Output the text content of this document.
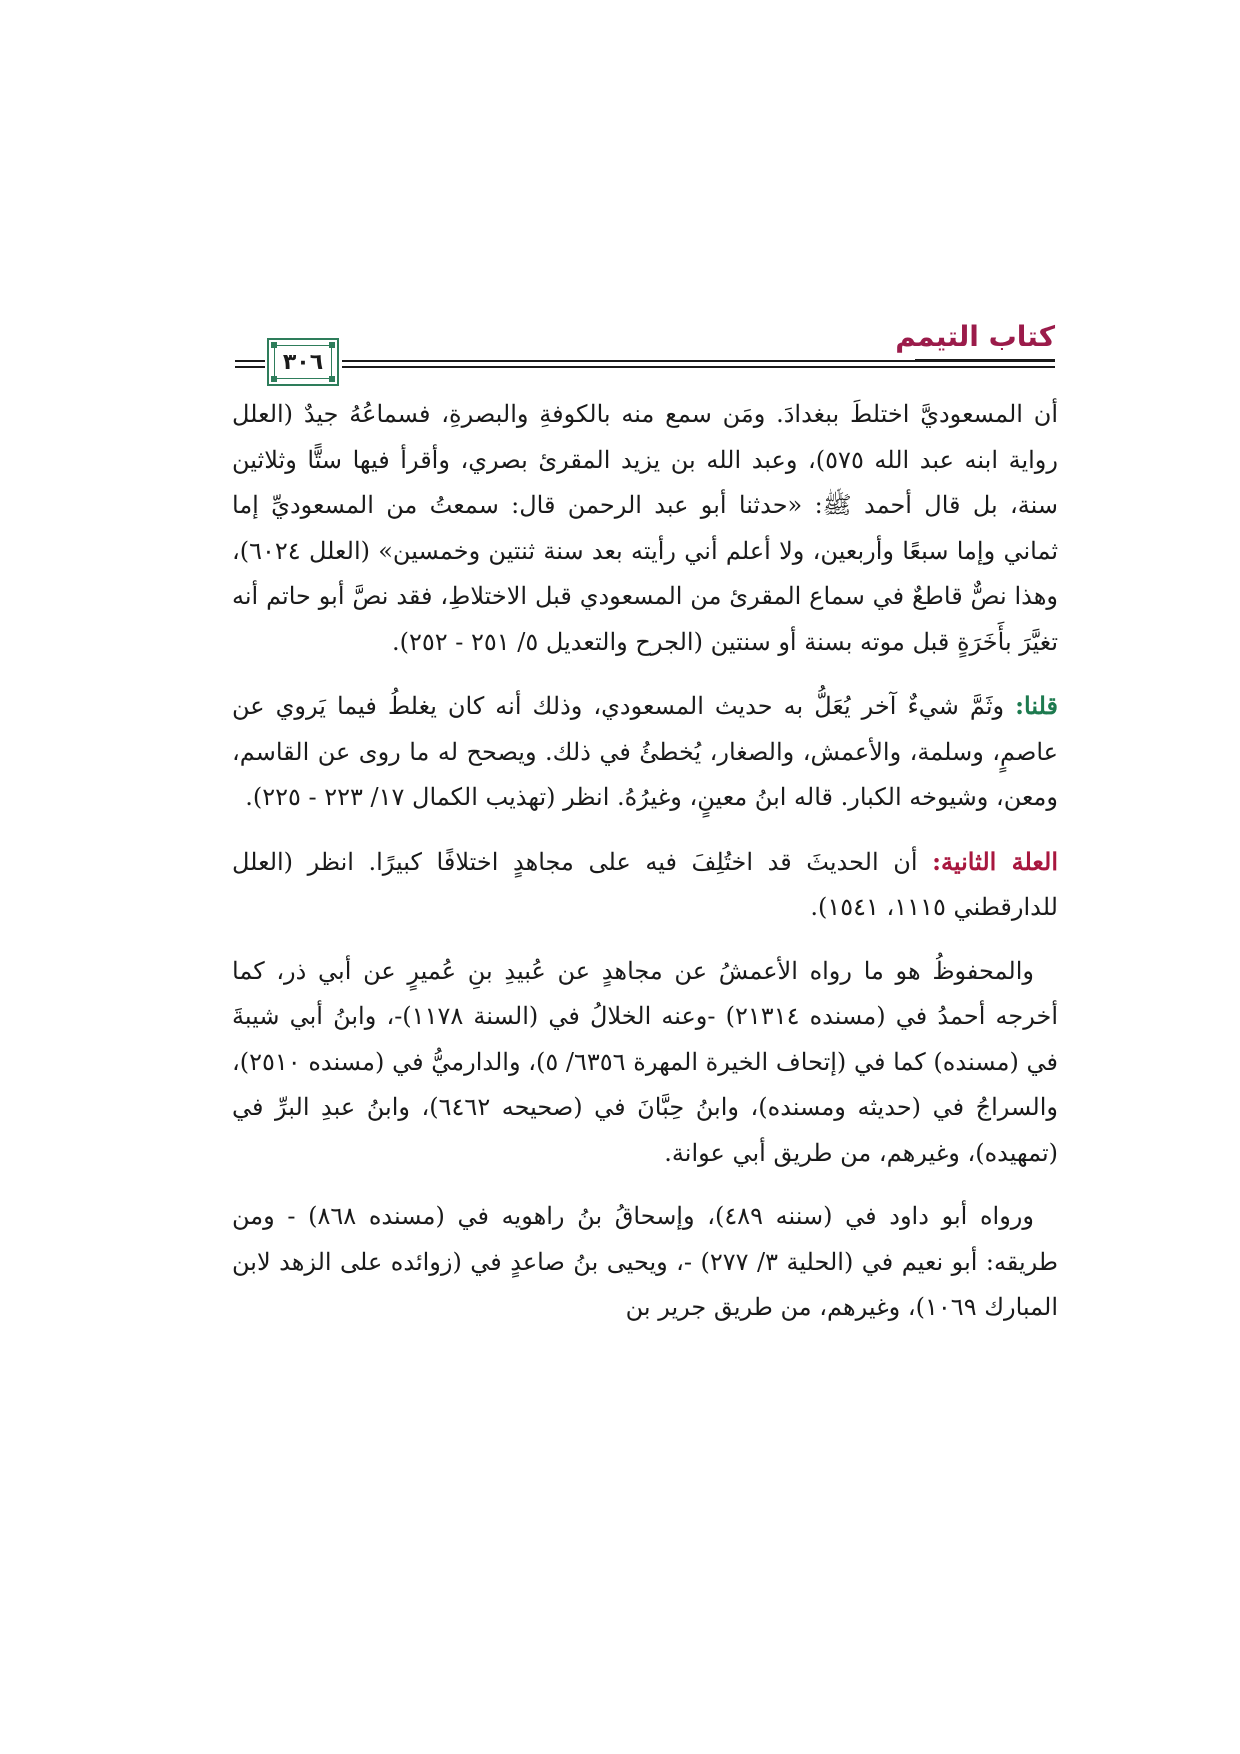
كتاب التيمم
٣٠٦

أن المسعوديَّ اختلطَ ببغدادَ. ومَن سمع منه بالكوفةِ والبصرةِ، فسماعُهُ جيدٌ (العلل رواية ابنه عبد الله ٥٧٥)، وعبد الله بن يزيد المقرئ بصري، وأقرأ فيها ستًّا وثلاثين سنة، بل قال أحمد ﷺ: «حدثنا أبو عبد الرحمن قال: سمعتُ من المسعوديِّ إما ثماني وإما سبعًا وأربعين، ولا أعلم أني رأيته بعد سنة ثنتين وخمسين» (العلل ٦٠٢٤)، وهذا نصٌّ قاطعٌ في سماع المقرئ من المسعودي قبل الاختلاطِ، فقد نصَّ أبو حاتم أنه تغيَّرَ بأَخَرَةٍ قبل موته بسنة أو سنتين (الجرح والتعديل ٥/ ٢٥١ - ٢٥٢).

قلنا: وثَمَّ شيءٌ آخر يُعَلُّ به حديث المسعودي، وذلك أنه كان يغلطُ فيما يَروي عن عاصمٍ، وسلمة، والأعمش، والصغار، يُخطئُ في ذلك. ويصحح له ما روى عن القاسم، ومعن، وشيوخه الكبار. قاله ابنُ معينٍ، وغيرُهُ. انظر (تهذيب الكمال ١٧/ ٢٢٣ - ٢٢٥).

العلة الثانية: أن الحديثَ قد اختُلِفَ فيه على مجاهدٍ اختلافًا كبيرًا. انظر (العلل للدارقطني ١١١٥، ١٥٤١).

والمحفوظُ هو ما رواه الأعمشُ عن مجاهدٍ عن عُبيدِ بنِ عُميرٍ عن أبي ذر، كما أخرجه أحمدُ في (مسنده ٢١٣١٤) -وعنه الخلالُ في (السنة ١١٧٨)-، وابنُ أبي شيبةَ في (مسنده) كما في (إتحاف الخيرة المهرة ٦٣٥٦/ ٥)، والدارميُّ في (مسنده ٢٥١٠)، والسراجُ في (حديثه ومسنده)، وابنُ حِبَّانَ في (صحيحه ٦٤٦٢)، وابنُ عبدِ البرِّ في (تمهيده)، وغيرهم، من طريق أبي عوانة.

ورواه أبو داود في (سننه ٤٨٩)، وإسحاقُ بنُ راهويه في (مسنده ٨٦٨) - ومن طريقه: أبو نعيم في (الحلية ٣/ ٢٧٧) -، ويحيى بنُ صاعدٍ في (زوائده على الزهد لابن المبارك ١٠٦٩)، وغيرهم، من طريق جرير بن
